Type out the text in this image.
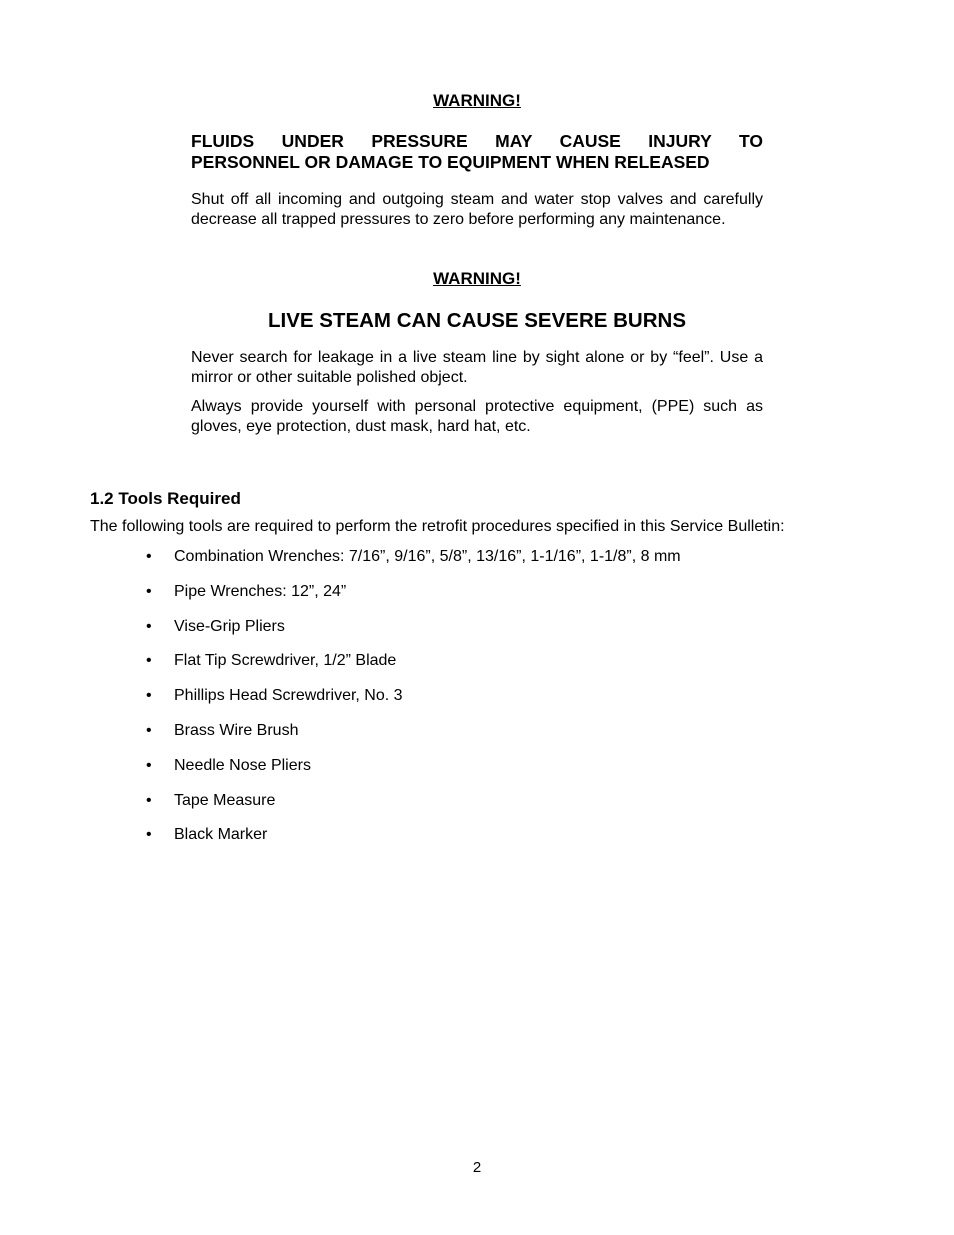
WARNING!

FLUIDS UNDER PRESSURE MAY CAUSE INJURY TO
PERSONNEL OR DAMAGE TO EQUIPMENT WHEN RELEASED

Shut off all incoming and outgoing steam and water stop valves and carefully decrease all trapped pressures to zero before performing any maintenance.

WARNING!

LIVE STEAM CAN CAUSE SEVERE BURNS

Never search for leakage in a live steam line by sight alone or by “feel”. Use a mirror or other suitable polished object.

Always provide yourself with personal protective equipment, (PPE) such as gloves, eye protection, dust mask, hard hat, etc.

1.2 Tools Required

The following tools are required to perform the retrofit procedures specified in this Service Bulletin:

• Combination Wrenches: 7/16”, 9/16”, 5/8”, 13/16”, 1-1/16”, 1-1/8”, 8 mm
• Pipe Wrenches: 12”, 24”
• Vise-Grip Pliers
• Flat Tip Screwdriver, 1/2” Blade
• Phillips Head Screwdriver, No. 3
• Brass Wire Brush
• Needle Nose Pliers
• Tape Measure
• Black Marker

2
